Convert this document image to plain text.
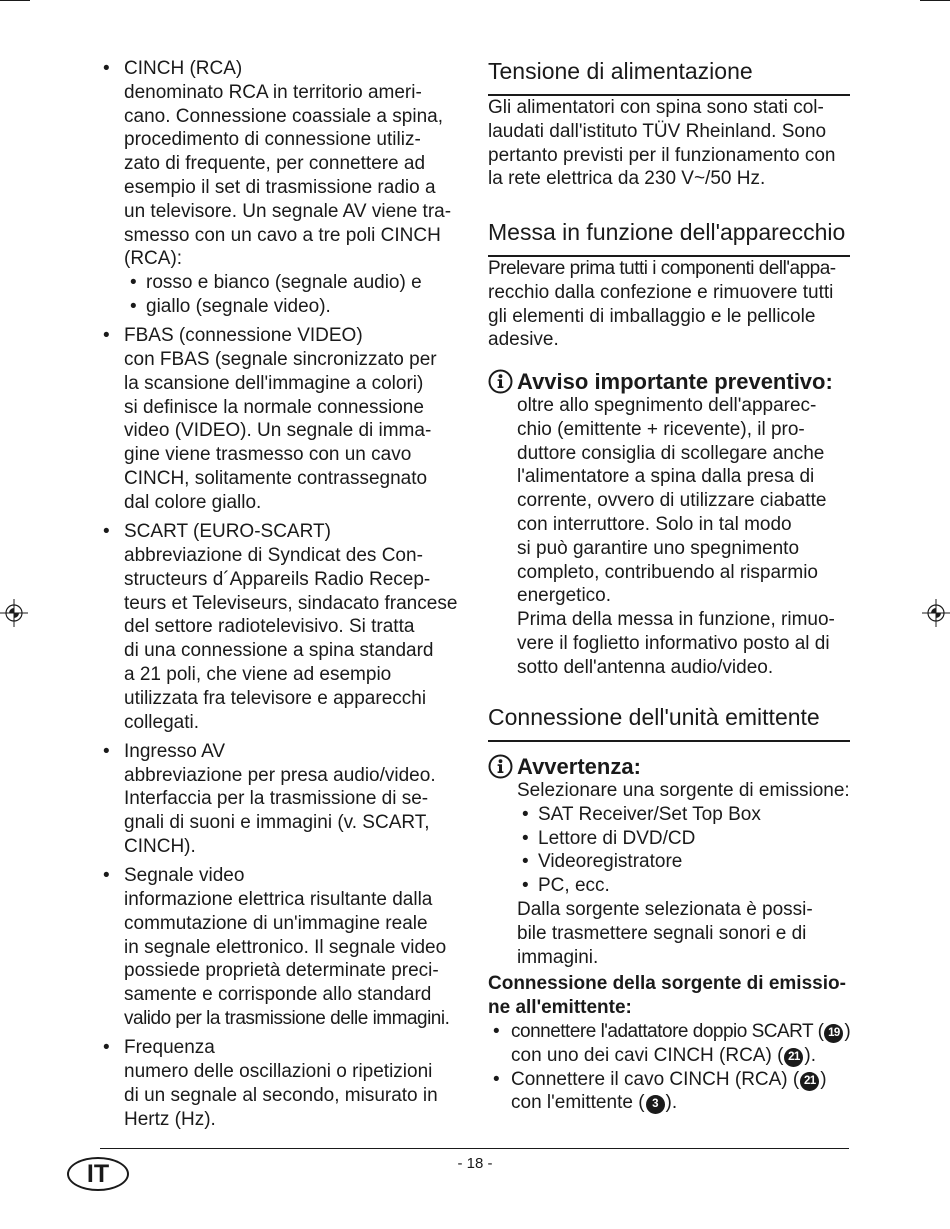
•
CINCH (RCA)
denominato RCA in territorio ameri-
cano. Connessione coassiale a spina,
procedimento di connessione utiliz-
zato di frequente, per connettere ad
esempio il set di trasmissione radio a
un televisore. Un segnale AV viene tra-
smesso con un cavo a tre poli CINCH
(RCA):
•
rosso e bianco (segnale audio) e
•
giallo (segnale video).
•
FBAS (connessione VIDEO)
con FBAS (segnale sincronizzato per
la scansione dell'immagine a colori)
si definisce la normale connessione
video (VIDEO). Un segnale di imma-
gine viene trasmesso con un cavo
CINCH, solitamente contrassegnato
dal colore giallo.
•
SCART (EURO-SCART)
abbreviazione di Syndicat des Con-
structeurs d´Appareils Radio Recep-
teurs et Televiseurs, sindacato francese
del settore radiotelevisivo. Si tratta
di una connessione a spina standard
a 21 poli, che viene ad esempio
utilizzata fra televisore e apparecchi
collegati.
•
Ingresso AV
abbreviazione per presa audio/video.
Interfaccia per la trasmissione di se-
gnali di suoni e immagini (v. SCART,
CINCH).
•
Segnale video
informazione elettrica risultante dalla
commutazione di un'immagine reale
in segnale elettronico. Il segnale video
possiede proprietà determinate preci-
samente e corrisponde allo standard
valido per la trasmissione delle immagini.
•
Frequenza
numero delle oscillazioni o ripetizioni
di un segnale al secondo, misurato in
Hertz (Hz).
Tensione di alimentazione
Gli alimentatori con spina sono stati col-
laudati dall'istituto TÜV Rheinland. Sono
pertanto previsti per il funzionamento con
la rete elettrica da 230 V~/50 Hz.
Messa in funzione dell'apparecchio
Prelevare prima tutti i componenti dell'appa-
recchio dalla confezione e rimuovere tutti
gli elementi di imballaggio e le pellicole
adesive.
Avviso importante preventivo:
oltre allo spegnimento dell'apparec-
chio (emittente + ricevente), il pro-
duttore consiglia di scollegare anche
l'alimentatore a spina dalla presa di
corrente, ovvero di utilizzare ciabatte
con interruttore. Solo in tal modo
si può garantire uno spegnimento
completo, contribuendo al risparmio
energetico.
Prima della messa in funzione, rimuo-
vere il foglietto informativo posto al di
sotto dell'antenna audio/video.
Connessione dell'unità emittente
Avvertenza:
Selezionare una sorgente di emissione:
•
SAT Receiver/Set Top Box
•
Lettore di DVD/CD
•
Videoregistratore
•
PC, ecc.
Dalla sorgente selezionata è possi-
bile trasmettere segnali sonori e di
immagini.
Connessione della sorgente di emissio-
ne all'emittente:
•
connettere l'adattatore doppio SCART ( 19 )
con uno dei cavi CINCH (RCA) ( 21 ).
•
Connettere il cavo CINCH (RCA) ( 21 )
con l'emittente ( 3 ).
IT	- 18 -
